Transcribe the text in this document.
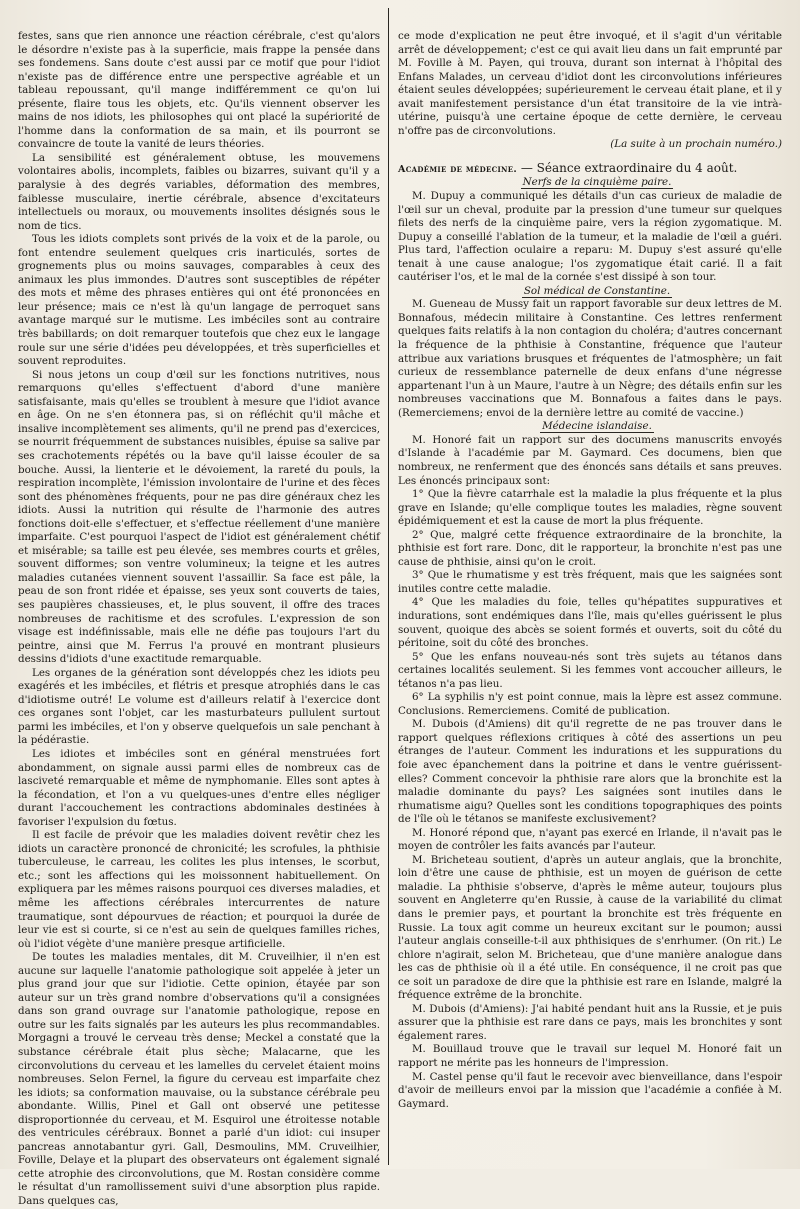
festes, sans que rien annonce une réaction cérébrale, c'est qu'alors le désordre n'existe pas à la superficie, mais frappe la pensée dans ses fondemens. Sans doute c'est aussi par ce motif que pour l'idiot n'existe pas de différence entre une perspective agréable et un tableau repoussant, qu'il mange indifféremment ce qu'on lui présente, flaire tous les objets, etc. Qu'ils viennent observer les mains de nos idiots, les philosophes qui ont placé la supériorité de l'homme dans la conformation de sa main, et ils pourront se convaincre de toute la vanité de leurs théories.

La sensibilité est généralement obtuse, les mouvemens volontaires abolis, incomplets, faibles ou bizarres, suivant qu'il y a paralysie à des degrés variables, déformation des membres, faiblesse musculaire, inertie cérébrale, absence d'excitateurs intellectuels ou moraux, ou mouvements insolites désignés sous le nom de tics.

Tous les idiots complets sont privés de la voix et de la parole, ou font entendre seulement quelques cris inarticulés, sortes de grognements plus ou moins sauvages, comparables à ceux des animaux les plus immondes. D'autres sont susceptibles de répéter des mots et même des phrases entières qui ont été prononcées en leur présence; mais ce n'est là qu'un langage de perroquet sans avantage marqué sur le mutisme. Les imbéciles sont au contraire très babillards; on doit remarquer toutefois que chez eux le langage roule sur une série d'idées peu développées, et très superficielles et souvent reproduites.

Si nous jetons un coup d'œil sur les fonctions nutritives, nous remarquons qu'elles s'effectuent d'abord d'une manière satisfaisante, mais qu'elles se troublent à mesure que l'idiot avance en âge. On ne s'en étonnera pas, si on réfléchit qu'il mâche et insalive incomplètement ses aliments, qu'il ne prend pas d'exercices, se nourrit fréquemment de substances nuisibles, épuise sa salive par ses crachotements répétés ou la bave qu'il laisse écouler de sa bouche. Aussi, la lienterie et le dévoiement, la rareté du pouls, la respiration incomplète, l'émission involontaire de l'urine et des fèces sont des phénomènes fréquents, pour ne pas dire généraux chez les idiots. Aussi la nutrition qui résulte de l'harmonie des autres fonctions doit-elle s'effectuer, et s'effectue réellement d'une manière imparfaite. C'est pourquoi l'aspect de l'idiot est généralement chétif et misérable; sa taille est peu élevée, ses membres courts et grêles, souvent difformes; son ventre volumineux; la teigne et les autres maladies cutanées viennent souvent l'assaillir. Sa face est pâle, la peau de son front ridée et épaisse, ses yeux sont couverts de taies, ses paupières chassieuses, et, le plus souvent, il offre des traces nombreuses de rachitisme et des scrofules. L'expression de son visage est indéfinissable, mais elle ne défie pas toujours l'art du peintre, ainsi que M. Ferrus l'a prouvé en montrant plusieurs dessins d'idiots d'une exactitude remarquable.

Les organes de la génération sont développés chez les idiots peu exagérés et les imbéciles, et flétris et presque atrophiés dans le cas d'idiotisme outré! Le volume est d'ailleurs relatif à l'exercice dont ces organes sont l'objet, car les masturbateurs pullulent surtout parmi les imbéciles, et l'on y observe quelquefois un sale penchant à la pédérastie.

Les idiotes et imbéciles sont en général menstruées fort abondamment, on signale aussi parmi elles de nombreux cas de lasciveté remarquable et même de nymphomanie. Elles sont aptes à la fécondation, et l'on a vu quelques-unes d'entre elles négliger durant l'accouchement les contractions abdominales destinées à favoriser l'expulsion du fœtus.

Il est facile de prévoir que les maladies doivent revêtir chez les idiots un caractère prononcé de chronicité; les scrofules, la phthisie tuberculeuse, le carreau, les colites les plus intenses, le scorbut, etc.; sont les affections qui les moissonnent habituellement. On expliquera par les mêmes raisons pourquoi ces diverses maladies, et même les affections cérébrales intercurrentes de nature traumatique, sont dépourvues de réaction; et pourquoi la durée de leur vie est si courte, si ce n'est au sein de quelques familles riches, où l'idiot végète d'une manière presque artificielle.

De toutes les maladies mentales, dit M. Cruveilhier, il n'en est aucune sur laquelle l'anatomie pathologique soit appelée à jeter un plus grand jour que sur l'idiotie. Cette opinion, étayée par son auteur sur un très grand nombre d'observations qu'il a consignées dans son grand ouvrage sur l'anatomie pathologique, repose en outre sur les faits signalés par les auteurs les plus recommandables. Morgagni a trouvé le cerveau très dense; Meckel a constaté que la substance cérébrale était plus sèche; Malacarne, que les circonvolutions du cerveau et les lamelles du cervelet étaient moins nombreuses. Selon Fernel, la figure du cerveau est imparfaite chez les idiots; sa conformation mauvaise, ou la substance cérébrale peu abondante. Willis, Pinel et Gall ont observé une petitesse disproportionnée du cerveau, et M. Esquirol une étroitesse notable des ventricules cérébraux. Bonnet a parlé d'un idiot: cui insuper pancreas annotabantur gyri. Gall, Desmoulins, MM. Cruveilhier, Foville, Delaye et la plupart des observateurs ont également signalé cette atrophie des circonvolutions, que M. Rostan considère comme le résultat d'un ramollissement suivi d'une absorption plus rapide. Dans quelques cas,

ce mode d'explication ne peut être invoqué, et il s'agit d'un véritable arrêt de développement; c'est ce qui avait lieu dans un fait emprunté par M. Foville à M. Payen, qui trouva, durant son internat à l'hôpital des Enfans Malades, un cerveau d'idiot dont les circonvolutions inférieures étaient seules développées; supérieurement le cerveau était plane, et il y avait manifestement persistance d'un état transitoire de la vie intrà-utérine, puisqu'à une certaine époque de cette dernière, le cerveau n'offre pas de circonvolutions.

(La suite à un prochain numéro.)

Académie de médecine. — Séance extraordinaire du 4 août.

Nerfs de la cinquième paire.

M. Dupuy a communiqué les détails d'un cas curieux de maladie de l'œil sur un cheval, produite par la pression d'une tumeur sur quelques filets des nerfs de la cinquième paire, vers la région zygomatique. M. Dupuy a conseillé l'ablation de la tumeur, et la maladie de l'œil a guéri. Plus tard, l'affection oculaire a reparu: M. Dupuy s'est assuré qu'elle tenait à une cause analogue; l'os zygomatique était carié. Il a fait cautériser l'os, et le mal de la cornée s'est dissipé à son tour.

Sol médical de Constantine.

M. Gueneau de Mussy fait un rapport favorable sur deux lettres de M. Bonnafous, médecin militaire à Constantine. Ces lettres renferment quelques faits relatifs à la non contagion du choléra; d'autres concernant la fréquence de la phthisie à Constantine, fréquence que l'auteur attribue aux variations brusques et fréquentes de l'atmosphère; un fait curieux de ressemblance paternelle de deux enfans d'une négresse appartenant l'un à un Maure, l'autre à un Nègre; des détails enfin sur les nombreuses vaccinations que M. Bonnafous a faites dans le pays. (Remerciemens; envoi de la dernière lettre au comité de vaccine.)

Médecine islandaise.

M. Honoré fait un rapport sur des documens manuscrits envoyés d'Islande à l'académie par M. Gaymard. Ces documens, bien que nombreux, ne renferment que des énoncés sans détails et sans preuves. Les énoncés principaux sont:

1° Que la fièvre catarrhale est la maladie la plus fréquente et la plus grave en Islande; qu'elle complique toutes les maladies, règne souvent épidémiquement et est la cause de mort la plus fréquente.

2° Que, malgré cette fréquence extraordinaire de la bronchite, la phthisie est fort rare. Donc, dit le rapporteur, la bronchite n'est pas une cause de phthisie, ainsi qu'on le croit.

3° Que le rhumatisme y est très fréquent, mais que les saignées sont inutiles contre cette maladie.

4° Que les maladies du foie, telles qu'hépatites suppuratives et indurations, sont endémiques dans l'île, mais qu'elles guérissent le plus souvent, quoique des abcès se soient formés et ouverts, soit du côté du péritoine, soit du côté des bronches.

5° Que les enfans nouveau-nés sont très sujets au tétanos dans certaines localités seulement. Si les femmes vont accoucher ailleurs, le tétanos n'a pas lieu.

6° La syphilis n'y est point connue, mais la lèpre est assez commune. Conclusions. Remerciemens. Comité de publication.

M. Dubois (d'Amiens) dit qu'il regrette de ne pas trouver dans le rapport quelques réflexions critiques à côté des assertions un peu étranges de l'auteur. Comment les indurations et les suppurations du foie avec épanchement dans la poitrine et dans le ventre guérissent-elles? Comment concevoir la phthisie rare alors que la bronchite est la maladie dominante du pays? Les saignées sont inutiles dans le rhumatisme aigu? Quelles sont les conditions topographiques des points de l'île où le tétanos se manifeste exclusivement?

M. Honoré répond que, n'ayant pas exercé en Irlande, il n'avait pas le moyen de contrôler les faits avancés par l'auteur.

M. Bricheteau soutient, d'après un auteur anglais, que la bronchite, loin d'être une cause de phthisie, est un moyen de guérison de cette maladie. La phthisie s'observe, d'après le même auteur, toujours plus souvent en Angleterre qu'en Russie, à cause de la variabilité du climat dans le premier pays, et pourtant la bronchite est très fréquente en Russie. La toux agit comme un heureux excitant sur le poumon; aussi l'auteur anglais conseille-t-il aux phthisiques de s'enrhumer. (On rit.) Le chlore n'agirait, selon M. Bricheteau, que d'une manière analogue dans les cas de phthisie où il a été utile. En conséquence, il ne croit pas que ce soit un paradoxe de dire que la phthisie est rare en Islande, malgré la fréquence extrême de la bronchite.

M. Dubois (d'Amiens): J'ai habité pendant huit ans la Russie, et je puis assurer que la phthisie est rare dans ce pays, mais les bronchites y sont également rares.

M. Bouillaud trouve que le travail sur lequel M. Honoré fait un rapport ne mérite pas les honneurs de l'impression.

M. Castel pense qu'il faut le recevoir avec bienveillance, dans l'espoir d'avoir de meilleurs envoi par la mission que l'académie a confiée à M. Gaymard.
